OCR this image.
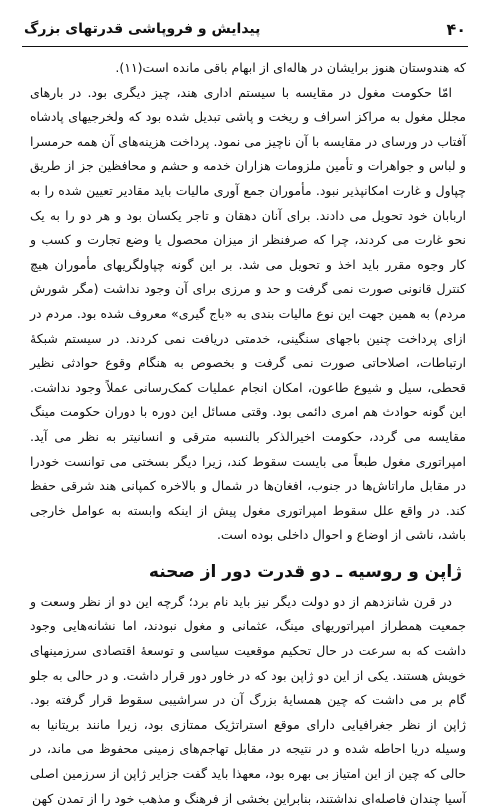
۴۰
پیدایش و فروپاشی قدرتهای بزرگ

که هندوستان هنوز برایشان در هاله‌ای از ابهام باقی مانده است(۱۱).

امّا حکومت مغول در مقایسه با سیستم اداری هند، چیز دیگری بود. در بارهای مجلل مغول به مراکز اسراف و ریخت و پاشی تبدیل شده بود که ولخرجیهای پادشاه آفتاب در ورسای در مقایسه با آن ناچیز می نمود. پرداخت هزینه‌های آن همه حرمسرا و لباس و جواهرات و تأمین ملزومات هزاران خدمه و حشم و محافظین جز از طریق چپاول و غارت امکانپذیر نبود. مأموران جمع آوری مالیات باید مقادیر تعیین شده را به اربابان خود تحویل می دادند. برای آنان دهقان و تاجر یکسان بود و هر دو را به یک نحو غارت می کردند، چرا که صرفنظر از میزان محصول یا وضع تجارت و کسب و کار وجوه مقرر باید اخذ و تحویل می شد. بر این گونه چپاولگریهای مأموران هیچ کنترل قانونی صورت نمی گرفت و حد و مرزی برای آن وجود نداشت (مگر شورش مردم) به همین جهت این نوع مالیات بندی به «باج گیری» معروف شده بود. مردم در ازای پرداخت چنین باجهای سنگینی، خدمتی دریافت نمی کردند. در سیستم شبکهٔ ارتباطات، اصلاحاتی صورت نمی گرفت و بخصوص به هنگام وقوع حوادثی نظیر قحطی، سیل و شیوع طاعون، امکان انجام عملیات کمک‌رسانی عملاً وجود نداشت. این گونه حوادث هم امری دائمی بود. وقتی مسائل این دوره با دوران حکومت مینگ مقایسه می گردد، حکومت اخیرالذکر بالنسبه مترقی و انسانیتر به نظر می آید. امپراتوری مغول طبعاً می بایست سقوط کند، زیرا دیگر بسختی می توانست خودرا در مقابل ماراتاش‌ها در جنوب، افغان‌ها در شمال و بالاخره کمپانی هند شرقی حفظ کند. در واقع علل سقوط امپراتوری مغول پیش از اینکه وابسته به عوامل خارجی باشد، ناشی از اوضاع و احوال داخلی بوده است.

ژاپن و روسیه ـ دو قدرت دور از صحنه

در قرن شانزدهم از دو دولت دیگر نیز باید نام برد؛ گرچه این دو از نظر وسعت و جمعیت همطراز امپراتوریهای مینگ، عثمانی و مغول نبودند، اما نشانه‌هایی وجود داشت که به سرعت در حال تحکیم موقعیت سیاسی و توسعهٔ اقتصادی سرزمینهای خویش هستند. یکی از این دو ژاپن بود که در خاور دور قرار داشت. و در حالی به جلو گام بر می داشت که چین همسایهٔ بزرگ آن در سراشیبی سقوط قرار گرفته بود. ژاپن از نظر جغرافیایی دارای موقع استراتژیک ممتازی بود، زیرا مانند بریتانیا به وسیله دریا احاطه شده و در نتیجه در مقابل تهاجم‌های زمینی محفوظ می ماند، در حالی که چین از این امتیاز بی بهره بود، معهذا باید گفت جزایر ژاپن از سرزمین اصلی آسیا چندان فاصله‌ای نداشتند، بنابراین بخشی از فرهنگ و مذهب خود را از تمدن کهن
